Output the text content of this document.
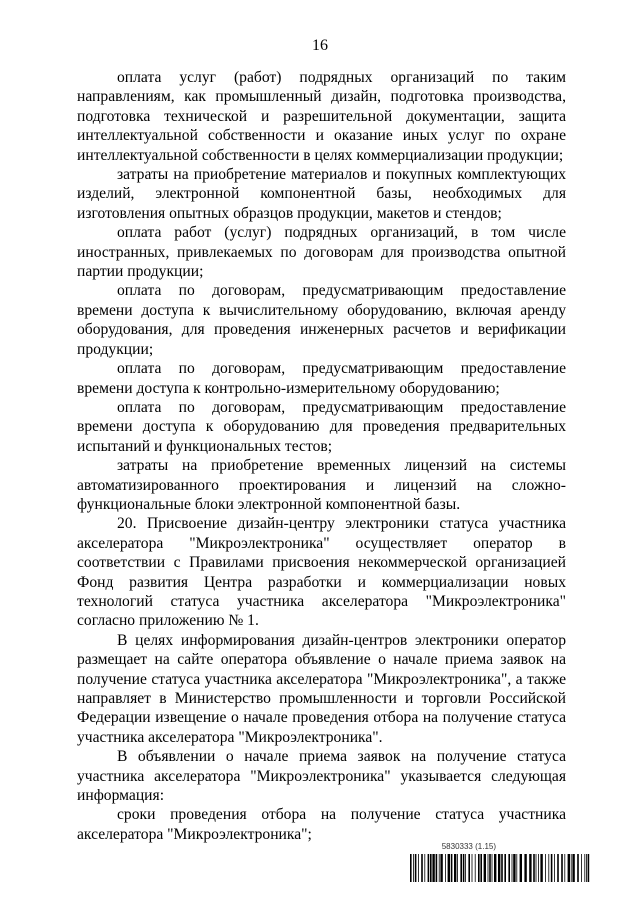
16

оплата услуг (работ) подрядных организаций по таким направлениям, как промышленный дизайн, подготовка производства, подготовка технической и разрешительной документации, защита интеллектуальной собственности и оказание иных услуг по охране интеллектуальной собственности в целях коммерциализации продукции;

затраты на приобретение материалов и покупных комплектующих изделий, электронной компонентной базы, необходимых для изготовления опытных образцов продукции, макетов и стендов;

оплата работ (услуг) подрядных организаций, в том числе иностранных, привлекаемых по договорам для производства опытной партии продукции;

оплата по договорам, предусматривающим предоставление времени доступа к вычислительному оборудованию, включая аренду оборудования, для проведения инженерных расчетов и верификации продукции;

оплата по договорам, предусматривающим предоставление времени доступа к контрольно-измерительному оборудованию;

оплата по договорам, предусматривающим предоставление времени доступа к оборудованию для проведения предварительных испытаний и функциональных тестов;

затраты на приобретение временных лицензий на системы автоматизированного проектирования и лицензий на сложно-функциональные блоки электронной компонентной базы.

20. Присвоение дизайн-центру электроники статуса участника акселератора "Микроэлектроника" осуществляет оператор в соответствии с Правилами присвоения некоммерческой организацией Фонд развития Центра разработки и коммерциализации новых технологий статуса участника акселератора "Микроэлектроника" согласно приложению № 1.

В целях информирования дизайн-центров электроники оператор размещает на сайте оператора объявление о начале приема заявок на получение статуса участника акселератора "Микроэлектроника", а также направляет в Министерство промышленности и торговли Российской Федерации извещение о начале проведения отбора на получение статуса участника акселератора "Микроэлектроника".

В объявлении о начале приема заявок на получение статуса участника акселератора "Микроэлектроника" указывается следующая информация:

сроки проведения отбора на получение статуса участника акселератора "Микроэлектроника";

5830333 (1.15)
